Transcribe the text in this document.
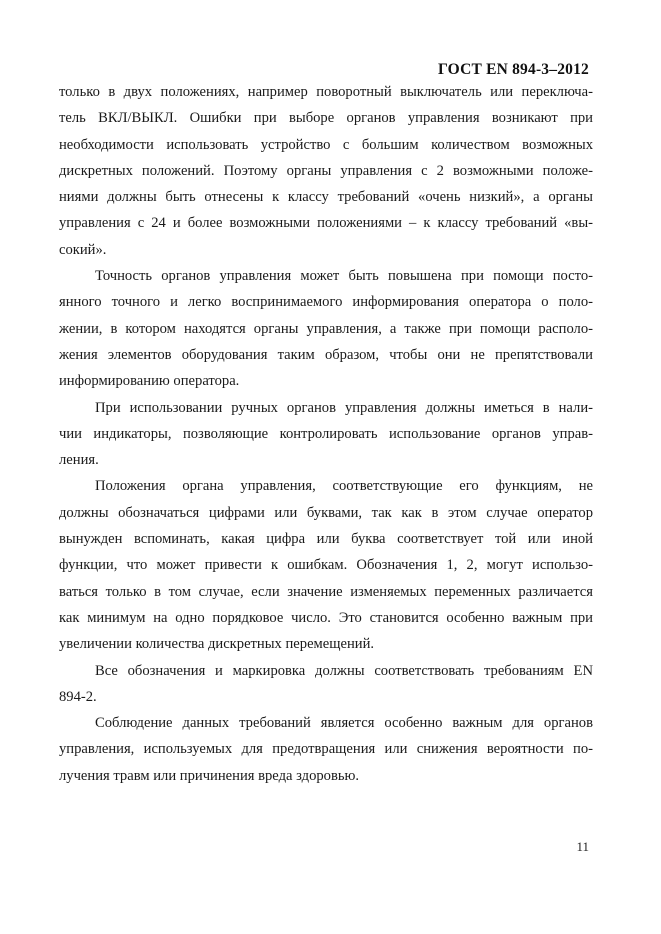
ГОСТ EN 894-3–2012
только в двух положениях, например поворотный выключатель или переключа-
тель ВКЛ/ВЫКЛ. Ошибки при выборе органов управления возникают при
необходимости использовать устройство с большим количеством возможных
дискретных положений. Поэтому органы управления с 2 возможными положе-
ниями должны быть отнесены к классу требований «очень низкий», а органы
управления с 24 и более возможными положениями – к классу требований «вы-
сокий».
Точность органов управления может быть повышена при помощи посто-
янного точного и легко воспринимаемого информирования оператора о поло-
жении, в котором находятся органы управления, а также при помощи располо-
жения элементов оборудования таким образом, чтобы они не препятствовали
информированию оператора.
При использовании ручных органов управления должны иметься в нали-
чии индикаторы, позволяющие контролировать использование органов управ-
ления.
Положения органа управления, соответствующие его функциям, не
должны обозначаться цифрами или буквами, так как в этом случае оператор
вынужден вспоминать, какая цифра или буква соответствует той или иной
функции, что может привести к ошибкам. Обозначения 1, 2, могут использо-
ваться только в том случае, если значение изменяемых переменных различается
как минимум на одно порядковое число. Это становится особенно важным при
увеличении количества дискретных перемещений.
Все обозначения и маркировка должны соответствовать требованиям EN
894-2.
Соблюдение данных требований является особенно важным для органов
управления, используемых для предотвращения или снижения вероятности по-
лучения травм или причинения вреда здоровью.
11
